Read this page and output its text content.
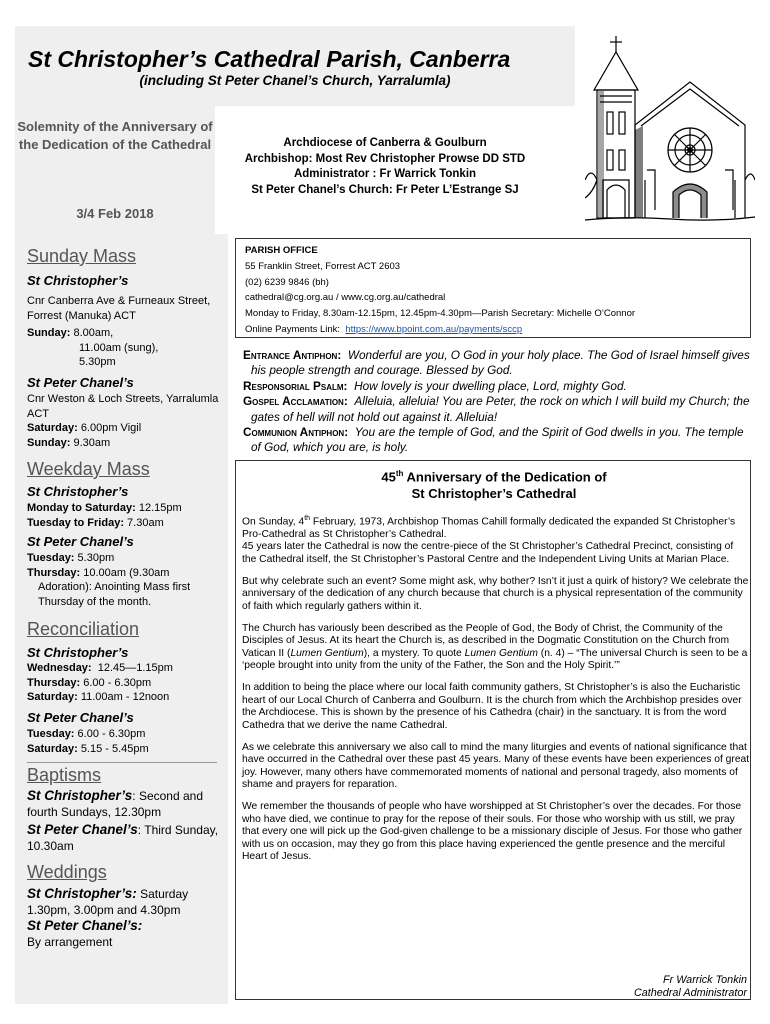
St Christopher’s Cathedral Parish, Canberra
(including St Peter Chanel’s Church, Yarralumla)
Solemnity of the Anniversary of the Dedication of the Cathedral
3/4 Feb 2018
Archdiocese of Canberra & Goulburn
Archbishop: Most Rev Christopher Prowse DD STD
Administrator : Fr Warrick Tonkin
St Peter Chanel’s Church: Fr Peter L’Estrange SJ
Sunday Mass
St Christopher’s
Cnr Canberra Ave & Furneaux Street, Forrest (Manuka) ACT
Sunday: 8.00am,
11.00am (sung),
5.30pm
St Peter Chanel’s
Cnr Weston & Loch Streets, Yarralumla ACT
Saturday: 6.00pm Vigil
Sunday: 9.30am
Weekday Mass
St Christopher’s
Monday to Saturday: 12.15pm
Tuesday to Friday: 7.30am
St Peter Chanel’s
Tuesday: 5.30pm
Thursday: 10.00am (9.30am
Adoration): Anointing Mass first Thursday of the month.
Reconciliation
St Christopher’s
Wednesday: 12.45—1.15pm
Thursday: 6.00 - 6.30pm
Saturday: 11.00am - 12noon
St Peter Chanel’s
Tuesday: 6.00 - 6.30pm
Saturday: 5.15 - 5.45pm
Baptisms
St Christopher’s: Second and fourth Sundays, 12.30pm
St Peter Chanel’s: Third Sunday, 10.30am
Weddings
St Christopher’s: Saturday 1.30pm, 3.00pm and 4.30pm
St Peter Chanel’s:
By arrangement
PARISH OFFICE
55 Franklin Street, Forrest ACT 2603
(02) 6239 9846 (bh)
cathedral@cg.org.au / www.cg.org.au/cathedral
Monday to Friday, 8.30am-12.15pm, 12.45pm-4.30pm—Parish Secretary: Michelle O’Connor
Online Payments Link: https://www.bpoint.com.au/payments/sccp

Entrance Antiphon: Wonderful are you, O God in your holy place. The God of Israel himself gives his people strength and courage. Blessed by God.

Responsorial Psalm: How lovely is your dwelling place, Lord, mighty God.

Gospel Acclamation: Alleluia, alleluia! You are Peter, the rock on which I will build my Church; the gates of hell will not hold out against it. Alleluia!

Communion Antiphon: You are the temple of God, and the Spirit of God dwells in you. The temple of God, which you are, is holy.

45th Anniversary of the Dedication of
St Christopher’s Cathedral

On Sunday, 4th February, 1973, Archbishop Thomas Cahill formally dedicated the expanded St Christopher’s Pro-Cathedral as St Christopher’s Cathedral.
45 years later the Cathedral is now the centre-piece of the St Christopher’s Cathedral Precinct, consisting of the Cathedral itself, the St Christopher’s Pastoral Centre and the Independent Living Units at Marian Place.

But why celebrate such an event? Some might ask, why bother? Isn’t it just a quirk of history? We celebrate the anniversary of the dedication of any church because that church is a physical representation of the community of faith which regularly gathers within it.

The Church has variously been described as the People of God, the Body of Christ, the Community of the Disciples of Jesus. At its heart the Church is, as described in the Dogmatic Constitution on the Church from Vatican II (Lumen Gentium), a mystery. To quote Lumen Gentium (n. 4) – “The universal Church is seen to be a ‘people brought into unity from the unity of the Father, the Son and the Holy Spirit.’”

In addition to being the place where our local faith community gathers, St Christopher’s is also the Eucharistic heart of our Local Church of Canberra and Goulburn. It is the church from which the Archbishop presides over the Archdiocese. This is shown by the presence of his Cathedra (chair) in the sanctuary. It is from the word Cathedra that we derive the name Cathedral.

As we celebrate this anniversary we also call to mind the many liturgies and events of national significance that have occurred in the Cathedral over these past 45 years. Many of these events have been experiences of great joy. However, many others have commemorated moments of national and personal tragedy, also moments of shame and prayers for reparation.

We remember the thousands of people who have worshipped at St Christopher’s over the decades. For those who have died, we continue to pray for the repose of their souls. For those who worship with us still, we pray that every one will pick up the God-given challenge to be a missionary disciple of Jesus. For those who gather with us on occasion, may they go from this place having experienced the gentle presence and the merciful Heart of Jesus.

Fr Warrick Tonkin
Cathedral Administrator
